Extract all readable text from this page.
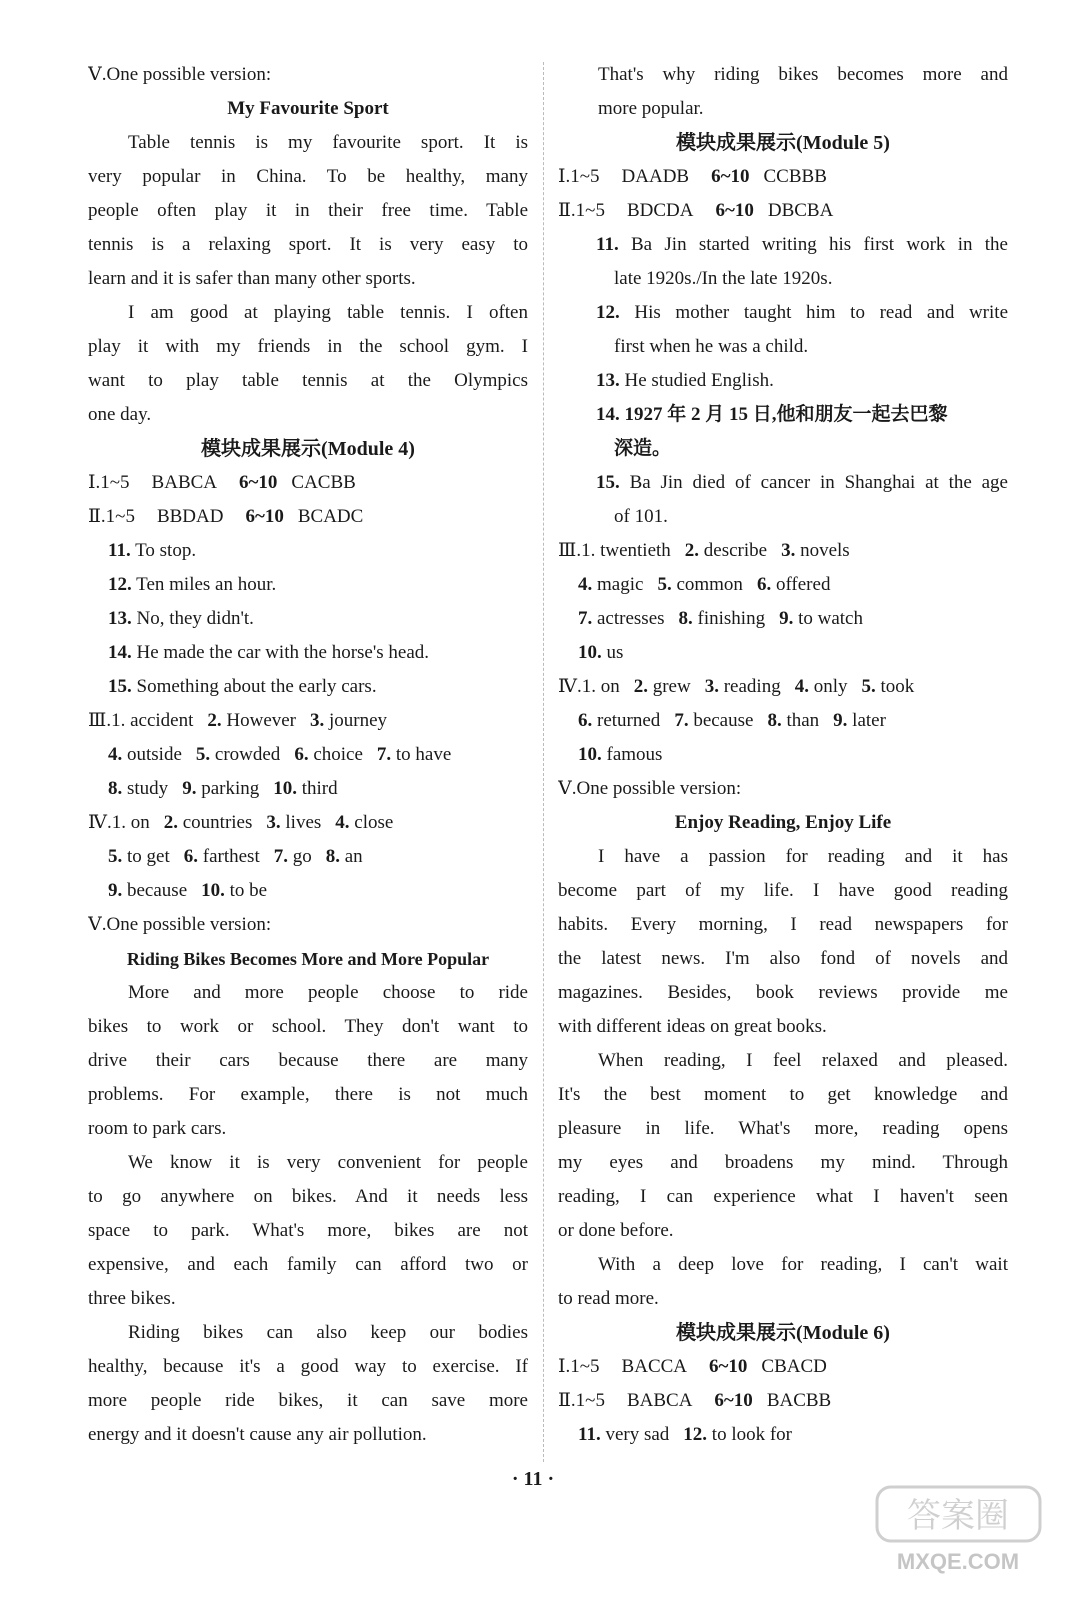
Ⅴ.One possible version:
My Favourite Sport
Table tennis is my favourite sport. It is
very popular in China. To be healthy, many
people often play it in their free time. Table
tennis is a relaxing sport. It is very easy to
learn and it is safer than many other sports.
I am good at playing table tennis. I often
play it with my friends in the school gym. I
want to play table tennis at the Olympics
one day.
模块成果展示(Module 4)
Ⅰ.1~5 BABCA 6~10 CACBB
Ⅱ.1~5 BBDAD 6~10 BCADC
11. To stop.
12. Ten miles an hour.
13. No, they didn't.
14. He made the car with the horse's head.
15. Something about the early cars.
Ⅲ.1. accident 2. However 3. journey
4. outside 5. crowded 6. choice 7. to have
8. study 9. parking 10. third
Ⅳ.1. on 2. countries 3. lives 4. close
5. to get 6. farthest 7. go 8. an
9. because 10. to be
Ⅴ.One possible version:
Riding Bikes Becomes More and More Popular
More and more people choose to ride
bikes to work or school. They don't want to
drive their cars because there are many
problems. For example, there is not much
room to park cars.
We know it is very convenient for people
to go anywhere on bikes. And it needs less
space to park. What's more, bikes are not
expensive, and each family can afford two or
three bikes.
Riding bikes can also keep our bodies
healthy, because it's a good way to exercise. If
more people ride bikes, it can save more
energy and it doesn't cause any air pollution.
That's why riding bikes becomes more and
more popular.
模块成果展示(Module 5)
Ⅰ.1~5 DAADB 6~10 CCBBB
Ⅱ.1~5 BDCDA 6~10 DBCBA
11. Ba Jin started writing his first work in the
late 1920s./In the late 1920s.
12. His mother taught him to read and write
first when he was a child.
13. He studied English.
14. 1927 年 2 月 15 日,他和朋友一起去巴黎
深造。
15. Ba Jin died of cancer in Shanghai at the age
of 101.
Ⅲ.1. twentieth 2. describe 3. novels
4. magic 5. common 6. offered
7. actresses 8. finishing 9. to watch
10. us
Ⅳ.1. on 2. grew 3. reading 4. only 5. took
6. returned 7. because 8. than 9. later
10. famous
Ⅴ.One possible version:
Enjoy Reading, Enjoy Life
I have a passion for reading and it has
become part of my life. I have good reading
habits. Every morning, I read newspapers for
the latest news. I'm also fond of novels and
magazines. Besides, book reviews provide me
with different ideas on great books.
When reading, I feel relaxed and pleased.
It's the best moment to get knowledge and
pleasure in life. What's more, reading opens
my eyes and broadens my mind. Through
reading, I can experience what I haven't seen
or done before.
With a deep love for reading, I can't wait
to read more.
模块成果展示(Module 6)
Ⅰ.1~5 BACCA 6~10 CBACD
Ⅱ.1~5 BABCA 6~10 BACBB
11. very sad 12. to look for
· 11 ·
答案圈
MXQE.COM
